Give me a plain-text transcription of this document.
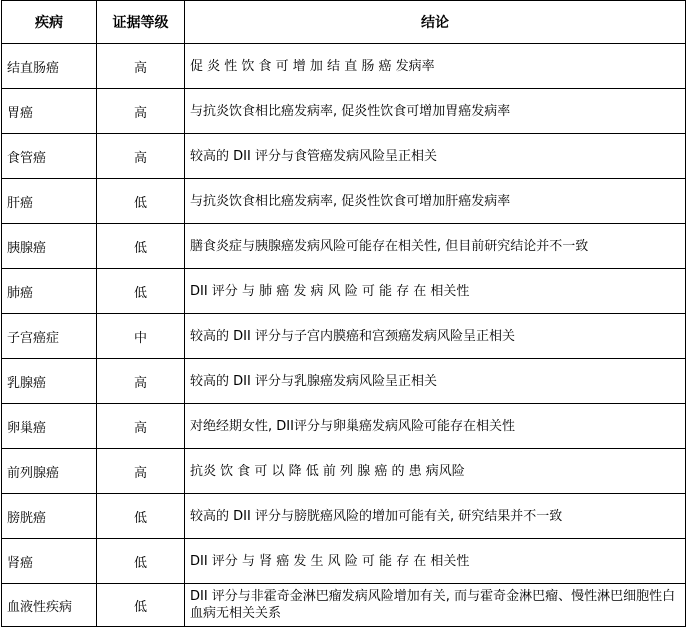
疾病	证据等级	结论
结直肠癌	高	促 炎 性 饮 食 可 增 加 结 直 肠 癌 发病率
胃癌	高	与抗炎饮食相比癌发病率, 促炎性饮食可增加胃癌发病率
食管癌	高	较高的 DII 评分与食管癌发病风险呈正相关
肝癌	低	与抗炎饮食相比癌发病率, 促炎性饮食可增加肝癌发病率
胰腺癌	低	膳食炎症与胰腺癌发病风险可能存在相关性, 但目前研究结论并不一致
肺癌	低	DII 评分 与 肺 癌 发 病 风 险 可 能 存 在 相关性
子宫癌症	中	较高的 DII 评分与子宫内膜癌和宫颈癌发病风险呈正相关
乳腺癌	高	较高的 DII 评分与乳腺癌发病风险呈正相关
卵巢癌	高	对绝经期女性, DII评分与卵巢癌发病风险可能存在相关性
前列腺癌	高	抗炎 饮 食 可 以 降 低 前 列 腺 癌 的 患 病风险
膀胱癌	低	较高的 DII 评分与膀胱癌风险的增加可能有关, 研究结果并不一致
肾癌	低	DII 评分 与 肾 癌 发 生 风 险 可 能 存 在 相关性
血液性疾病	低	DII 评分与非霍奇金淋巴瘤发病风险增加有关, 而与霍奇金淋巴瘤、慢性淋巴细胞性白血病无相关关系
